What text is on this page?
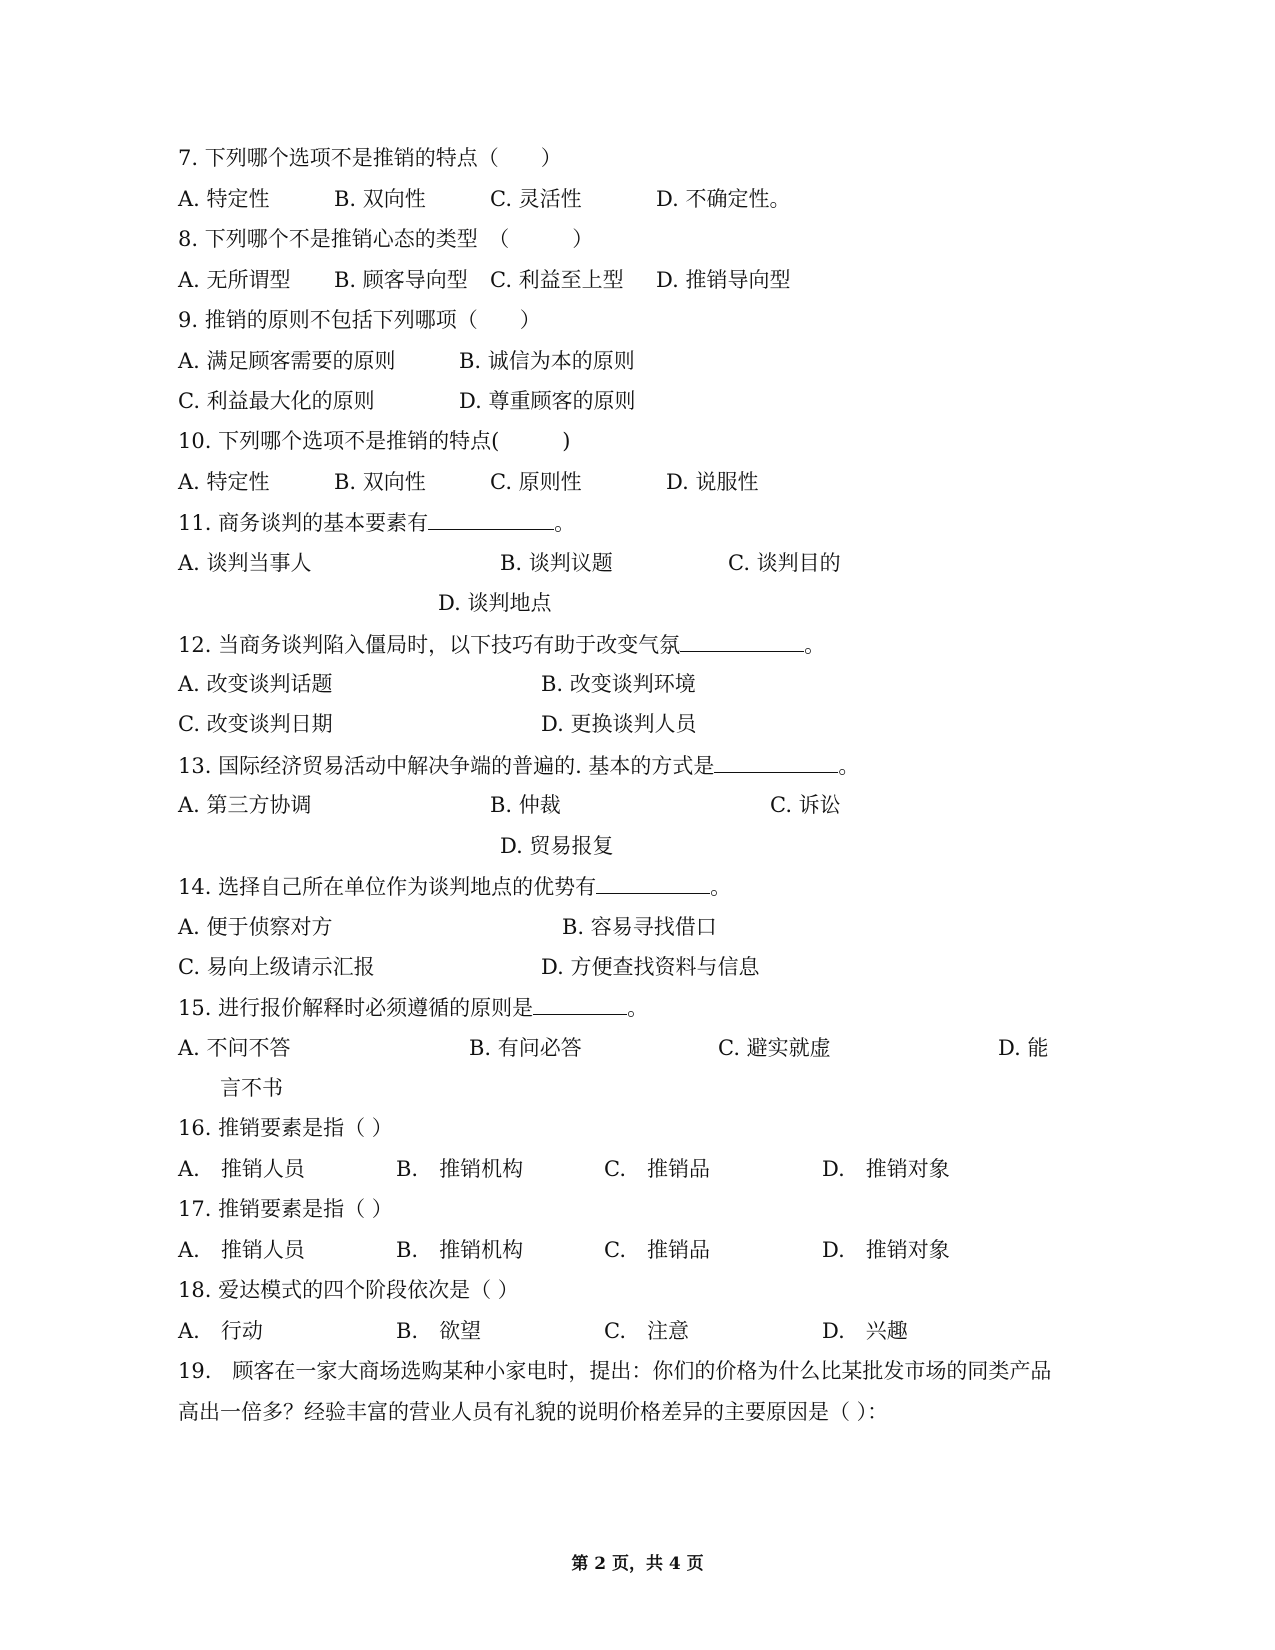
7. 下列哪个选项不是推销的特点（　　）
A. 特定性	B. 双向性	C. 灵活性	D. 不确定性。
8. 下列哪个不是推销心态的类型　（　　　）
A. 无所谓型 B. 顾客导向型 C. 利益至上型 D. 推销导向型
9. 推销的原则不包括下列哪项（　　）
A. 满足顾客需要的原则	B. 诚信为本的原则
C. 利益最大化的原则	D. 尊重顾客的原则
10. 下列哪个选项不是推销的特点(　　　)
A. 特定性	B. 双向性	C. 原则性	D. 说服性
11. 商务谈判的基本要素有	。
A. 谈判当事人	B. 谈判议题	C. 谈判目的
D. 谈判地点
12. 当商务谈判陷入僵局时，以下技巧有助于改变气氛	。
A. 改变谈判话题	B. 改变谈判环境
C. 改变谈判日期	D. 更换谈判人员
13. 国际经济贸易活动中解决争端的普遍的. 基本的方式是	。
A. 第三方协调	B. 仲裁	C. 诉讼
D. 贸易报复
14. 选择自己所在单位作为谈判地点的优势有	。
A. 便于侦察对方	B. 容易寻找借口
C. 易向上级请示汇报	D. 方便查找资料与信息
15. 进行报价解释时必须遵循的原则是	。
A. 不问不答	B. 有问必答	C. 避实就虚	D. 能
言不书
16. 推销要素是指（ ）
A.　推销人员	B.　推销机构	C.　推销品	D.　推销对象
17. 推销要素是指（ ）
A.　推销人员	B.　推销机构	C.　推销品	D.　推销对象
18. 爱达模式的四个阶段依次是（ ）
A.　行动	B.　欲望	C.　注意	D.　兴趣
19.　顾客在一家大商场选购某种小家电时，提出：你们的价格为什么比某批发市场的同类产品
高出一倍多？经验丰富的营业人员有礼貌的说明价格差异的主要原因是（ ）：
第 2 页，共 4 页
